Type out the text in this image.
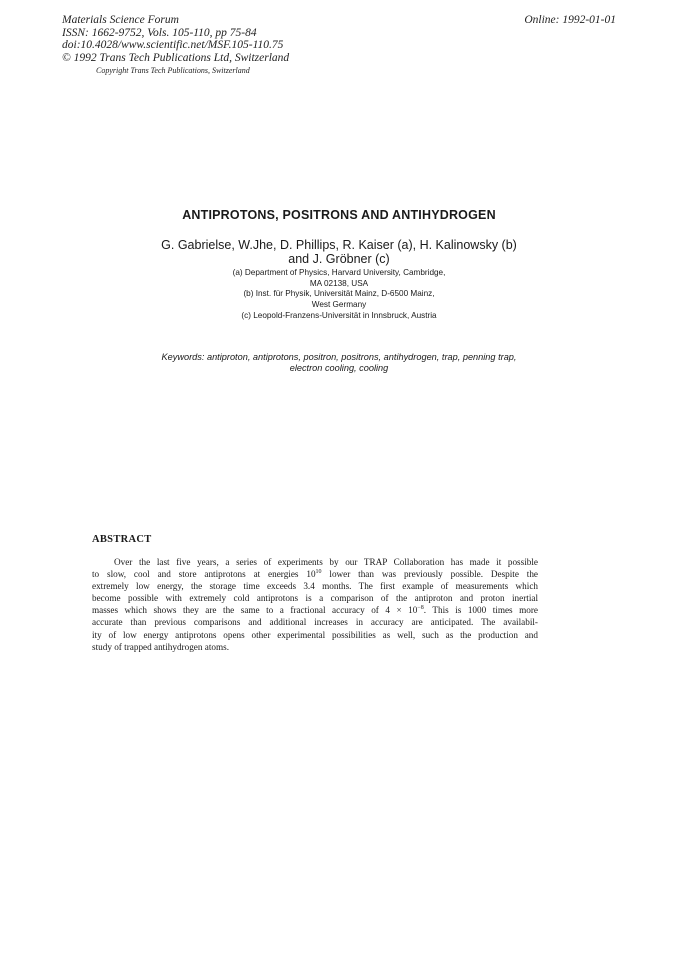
Materials Science Forum
ISSN: 1662-9752, Vols. 105-110, pp 75-84
doi:10.4028/www.scientific.net/MSF.105-110.75
© 1992 Trans Tech Publications Ltd, Switzerland
Online: 1992-01-01
Copyright Trans Tech Publications, Switzerland
ANTIPROTONS, POSITRONS AND ANTIHYDROGEN
G. Gabrielse, W.Jhe, D. Phillips, R. Kaiser (a), H. Kalinowsky (b)
and J. Gröbner (c)
(a) Department of Physics, Harvard University, Cambridge,
MA 02138, USA
(b) Inst. für Physik, Universität Mainz, D-6500 Mainz,
West Germany
(c) Leopold-Franzens-Universität in Innsbruck, Austria
Keywords: antiproton, antiprotons, positron, positrons, antihydrogen, trap, penning trap,
electron cooling, cooling
ABSTRACT
Over the last five years, a series of experiments by our TRAP Collaboration has made it possible
to slow, cool and store antiprotons at energies $10^{10}$ lower than was previously possible. Despite the
extremely low energy, the storage time exceeds 3.4 months. The first example of measurements which
become possible with extremely cold antiprotons is a comparison of the antiproton and proton inertial
masses which shows they are the same to a fractional accuracy of $4 \times 10^{-8}$. This is 1000 times more
accurate than previous comparisons and additional increases in accuracy are anticipated. The availabil-
ity of low energy antiprotons opens other experimental possibilities as well, such as the production and
study of trapped antihydrogen atoms.
